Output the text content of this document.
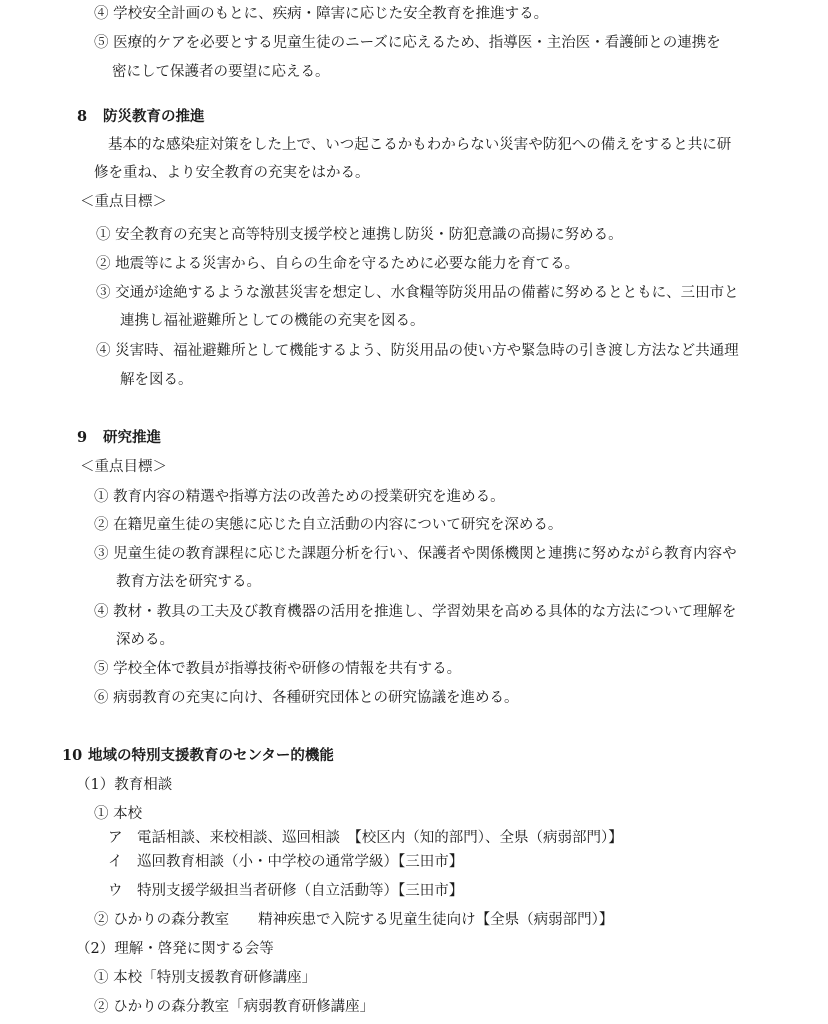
④ 学校安全計画のもとに、疾病・障害に応じた安全教育を推進する。
⑤ 医療的ケアを必要とする児童生徒のニーズに応えるため、指導医・主治医・看護師との連携を
密にして保護者の要望に応える。
8 防災教育の推進
基本的な感染症対策をした上で、いつ起こるかもわからない災害や防犯への備えをすると共に研
修を重ね、より安全教育の充実をはかる。
＜重点目標＞
① 安全教育の充実と高等特別支援学校と連携し防災・防犯意識の高揚に努める。
② 地震等による災害から、自らの生命を守るために必要な能力を育てる。
③ 交通が途絶するような激甚災害を想定し、水食糧等防災用品の備蓄に努めるとともに、三田市と
連携し福祉避難所としての機能の充実を図る。
④ 災害時、福祉避難所として機能するよう、防災用品の使い方や緊急時の引き渡し方法など共通理
解を図る。
9 研究推進
＜重点目標＞
① 教育内容の精選や指導方法の改善ための授業研究を進める。
② 在籍児童生徒の実態に応じた自立活動の内容について研究を深める。
③ 児童生徒の教育課程に応じた課題分析を行い、保護者や関係機関と連携に努めながら教育内容や
教育方法を研究する。
④ 教材・教具の工夫及び教育機器の活用を推進し、学習効果を高める具体的な方法について理解を
深める。
⑤ 学校全体で教員が指導技術や研修の情報を共有する。
⑥ 病弱教育の充実に向け、各種研究団体との研究協議を進める。
10 地域の特別支援教育のセンター的機能
（1）教育相談
① 本校
ア　電話相談、来校相談、巡回相談　【校区内（知的部門）、全県（病弱部門）】
イ　巡回教育相談（小・中学校の通常学級）【三田市】
ウ　特別支援学級担当者研修（自立活動等）【三田市】
② ひかりの森分教室　　精神疾患で入院する児童生徒向け【全県（病弱部門）】
（2）理解・啓発に関する会等
① 本校「特別支援教育研修講座」
② ひかりの森分教室「病弱教育研修講座」
